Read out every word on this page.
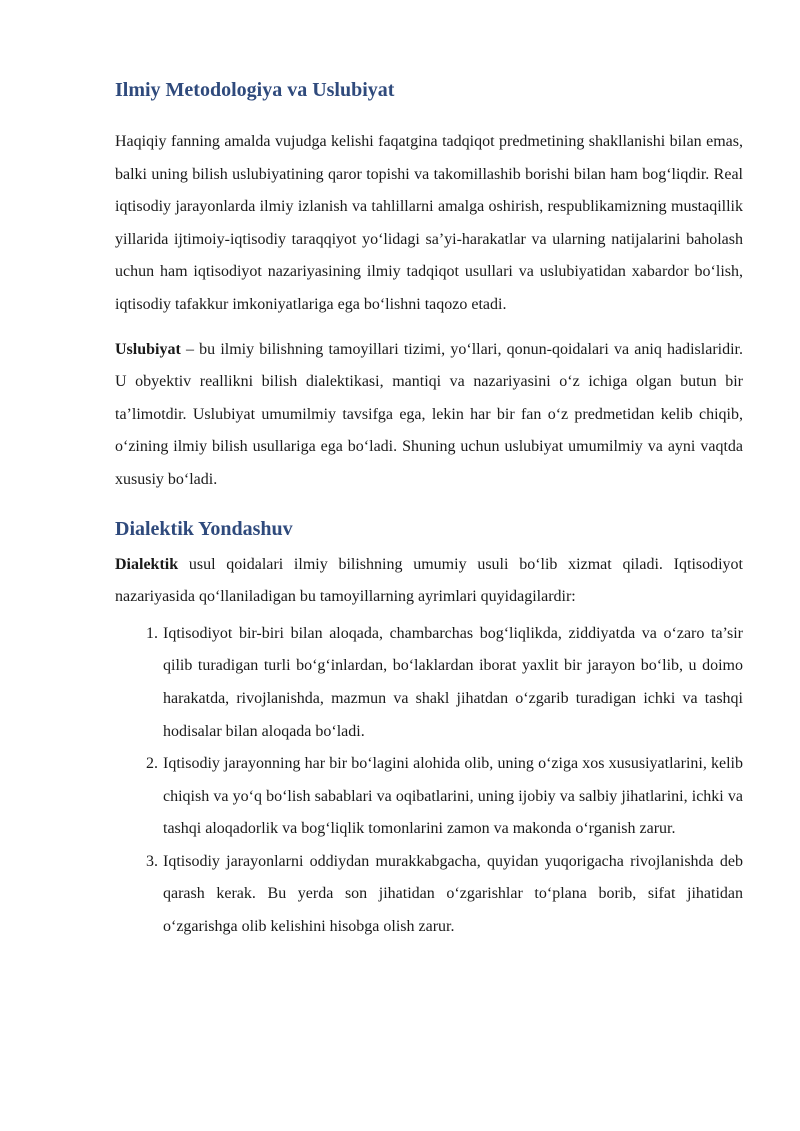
Ilmiy Metodologiya va Uslubiyat

Haqiqiy fanning amalda vujudga kelishi faqatgina tadqiqot predmetining shakllanishi bilan emas, balki uning bilish uslubiyatining qaror topishi va takomillashib borishi bilan ham bog‘liqdir. Real iqtisodiy jarayonlarda ilmiy izlanish va tahlillarni amalga oshirish, respublikamizning mustaqillik yillarida ijtimoiy-iqtisodiy taraqqiyot yo‘lidagi sa’yi-harakatlar va ularning natijalarini baholash uchun ham iqtisodiyot nazariyasining ilmiy tadqiqot usullari va uslubiyatidan xabardor bo‘lish, iqtisodiy tafakkur imkoniyatlariga ega bo‘lishni taqozo etadi.

Uslubiyat – bu ilmiy bilishning tamoyillari tizimi, yo‘llari, qonun-qoidalari va aniq hadislaridir. U obyektiv reallikni bilish dialektikasi, mantiqi va nazariyasini o‘z ichiga olgan butun bir ta’limotdir. Uslubiyat umumilmiy tavsifga ega, lekin har bir fan o‘z predmetidan kelib chiqib, o‘zining ilmiy bilish usullariga ega bo‘ladi. Shuning uchun uslubiyat umumilmiy va ayni vaqtda xususiy bo‘ladi.

Dialektik Yondashuv

Dialektik usul qoidalari ilmiy bilishning umumiy usuli bo‘lib xizmat qiladi. Iqtisodiyot nazariyasida qo‘llaniladigan bu tamoyillarning ayrimlari quyidagilardir:

1. Iqtisodiyot bir-biri bilan aloqada, chambarchas bog‘liqlikda, ziddiyatda va o‘zaro ta’sir qilib turadigan turli bo‘g‘inlardan, bo‘laklardan iborat yaxlit bir jarayon bo‘lib, u doimo harakatda, rivojlanishda, mazmun va shakl jihatdan o‘zgarib turadigan ichki va tashqi hodisalar bilan aloqada bo‘ladi.
2. Iqtisodiy jarayonning har bir bo‘lagini alohida olib, uning o‘ziga xos xususiyatlarini, kelib chiqish va yo‘q bo‘lish sabablari va oqibatlarini, uning ijobiy va salbiy jihatlarini, ichki va tashqi aloqadorlik va bog‘liqlik tomonlarini zamon va makonda o‘rganish zarur.
3. Iqtisodiy jarayonlarni oddiydan murakkabgacha, quyidan yuqorigacha rivojlanishda deb qarash kerak. Bu yerda son jihatidan o‘zgarishlar to‘plana borib, sifat jihatidan o‘zgarishga olib kelishini hisobga olish zarur.
